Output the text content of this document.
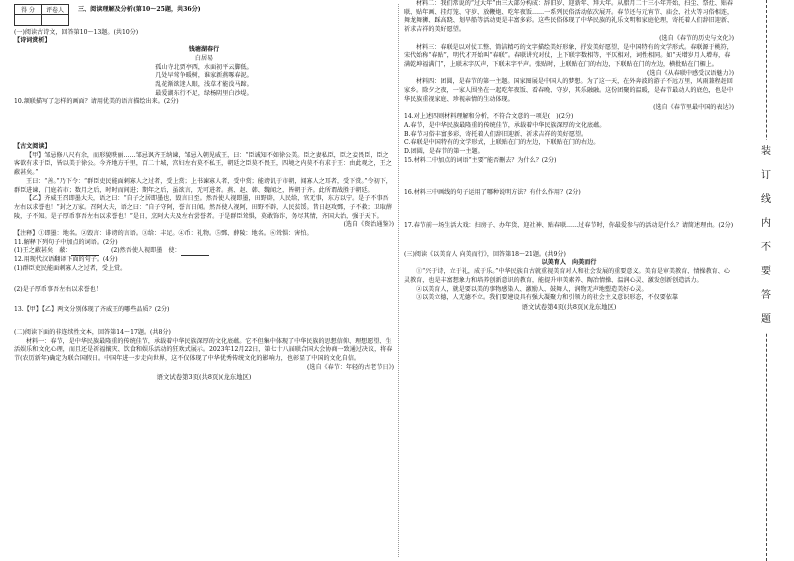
得 分	评卷人
	三、阅读理解及分析(第10～25题，共36分)

(一)阅读古诗文，回答第10～13题。(共10分)

【诗词赏析】

钱塘湖春行

白居易

孤山寺北贾亭西，水面初平云脚低。

几处早莺争暖树，谁家新燕啄春泥。

乱花渐欲迷人眼，浅草才能没马蹄。

最爱湖东行不足，绿杨阴里白沙堤。

10.颔联描写了怎样的画面？请用优美的语言描绘出来。(2分)

【古文阅读】

【甲】邹忌修八尺有余，而形貌昳丽……邹忌讽齐王纳谏，邹忌入朝见威王，曰：“臣诚知不如徐公美。臣之妻私臣，臣之妾畏臣，臣之客欲有求于臣，皆以美于徐公。今齐地方千里，百二十城，宫妇左右莫不私王，朝廷之臣莫不畏王，四境之内莫不有求于王：由此观之，王之蔽甚矣。”

王曰：“善。”乃下令：“群臣吏民能面刺寡人之过者，受上赏；上书谏寡人者，受中赏；能谤讥于市朝，闻寡人之耳者，受下赏。”令初下，群臣进谏，门庭若市；数月之后，时时而间进；期年之后，虽欲言，无可进者。燕、赵、韩、魏闻之，皆朝于齐。此所谓战胜于朝廷。

【乙】齐威王召即墨大夫，语之曰：“自子之居即墨也，毁言日至。然吾使人视即墨，田野辟，人民给，官无事，东方以宁。是子不事吾左右以求誉也！”封之万家。召阿大夫，语之曰：“自子守阿，誉言日闻。然吾使人视阿，田野不辟，人民贫馁。昔日赵攻鄄，子不救；卫取薛陵，子不知。是子厚币事吾左右以求誉也！”是日，烹阿大夫及左右尝誉者。于是群臣耸惧，莫敢饰诈，务尽其情，齐国大治，强于天下。

(选自《资治通鉴》)

【注释】①即墨：地名。②毁言：诽谤的言语。③给：丰足。④币：礼物。⑤鄄、薛陵：地名。⑥耸惧：害怕。

11.解释下列句子中加点的词语。(2分)

(1)王之蔽甚矣　蔽：	(2)然吾使人视即墨　使：

12.用现代汉语翻译下面的句子。(4分)

(1)群臣吏民能面刺寡人之过者，受上赏。

(2)是子厚币事吾左右以求誉也！

13.【甲】【乙】两文分别体现了齐威王的哪些品质？(2分)

(二)阅读下面的非连续性文本，回答第14～17题。(共8分)

材料一：春节，是中华民族最隆重的传统佳节，承载着中华民族深厚的文化底蕴。它不但集中体现了中华民族的思想信仰、理想愿望、生活娱乐和文化心理，而且还是祈福攘灾、饮食和娱乐活动的狂欢式展示。2023年12月22日，第七十八届联合国大会协商一致通过决议，将春节(农历新年)确定为联合国假日。中国年进一步走向世界，这不仅体现了中华优秀传统文化的影响力，也彰显了中国的文化自信。

(选自《春节：年轻的古老节日》)

语文试卷第3页(共8页)(龙东地区)

材料二：我们常说的“过大年”由三大部分构成：辞旧岁、迎新年、拜大年。从腊月二十三小年开始，扫尘、祭灶、贴春联、贴年画、挂灯笼、守岁、放鞭炮、吃年夜饭……一系列民俗活动依次展开。春节还与元宵节、庙会、社火等习俗相连，舞龙舞狮、踩高跷、划旱船等活动更是丰富多彩。这些民俗体现了中华民族的礼乐文明和家庭伦理，寄托着人们辞旧迎新、祈求吉祥的美好愿望。

(选自《春节的历史与文化》)

材料三：春联是以对仗工整、简洁精巧的文字描绘美好形象，抒发美好愿望，是中国特有的文学形式。春联源于桃符，宋代始称“春贴”，明代才开始叫“春联”。春联讲究对仗，上下联字数相等，平仄相对，词性相同。如“天增岁月人增寿，春满乾坤福满门”，上联末字仄声，下联末字平声。张贴时，上联贴在门的右边，下联贴在门的左边，横批贴在门楣上。

(选自《从春联中感受汉语魅力》)

材料四：团圆，是春节的第一主题。国家图展是中国人的梦想。为了这一天，在外奔波的游子不远万里，风雨兼程赶回家乡。除夕之夜，一家人围坐在一起吃年夜饭、看春晚、守岁，其乐融融。这份团聚的温暖，是春节最动人的底色，也是中华民族重视家庭、珍视亲情的生动体现。

(选自《春节里最中国的表达》)

14.对上述四则材料理解和分析，不符合文意的一项是(　)(2分)

A.春节，是中华民族最隆重的传统佳节，承载着中华民族深厚的文化底蕴。

B.春节习俗丰富多彩，寄托着人们辞旧迎新、祈求吉祥的美好愿望。

C.春联是中国特有的文学形式，上联贴在门的左边，下联贴在门的右边。

D.团圆，是春节的第一主题。

15.材料二中加点的词语“主要”能否删去？为什么？(2分)

16.材料三中画线的句子运用了哪种说明方法？有什么作用？(2分)

17.春节前一场生活大戏：扫房子、办年货、迎社神、贴春联……过春节时，你最爱参与的活动是什么？请简述理由。(2分)

(三)阅读《以美育人 向美而行》，回答第18～21题。(共9分)

以美育人　向美而行

①“兴于诗，立于礼，成于乐。”中华民族自古就重视美育对人和社会发展的重要意义。美育是审美教育、情操教育、心灵教育，也是丰富想象力和培养创新意识的教育，能提升审美素养、陶冶情操、温润心灵、激发创新创造活力。

②以美育人，就是要以美的事物感染人、激励人、鼓舞人，润物无声地塑造美好心灵。

③以美立德，人无德不立。我们要建设具有强大凝聚力和引领力的社会主义意识形态，不仅要依靠

语文试卷第4页(共8页)(龙东地区)

装
订
线
内
不
要
答
题
